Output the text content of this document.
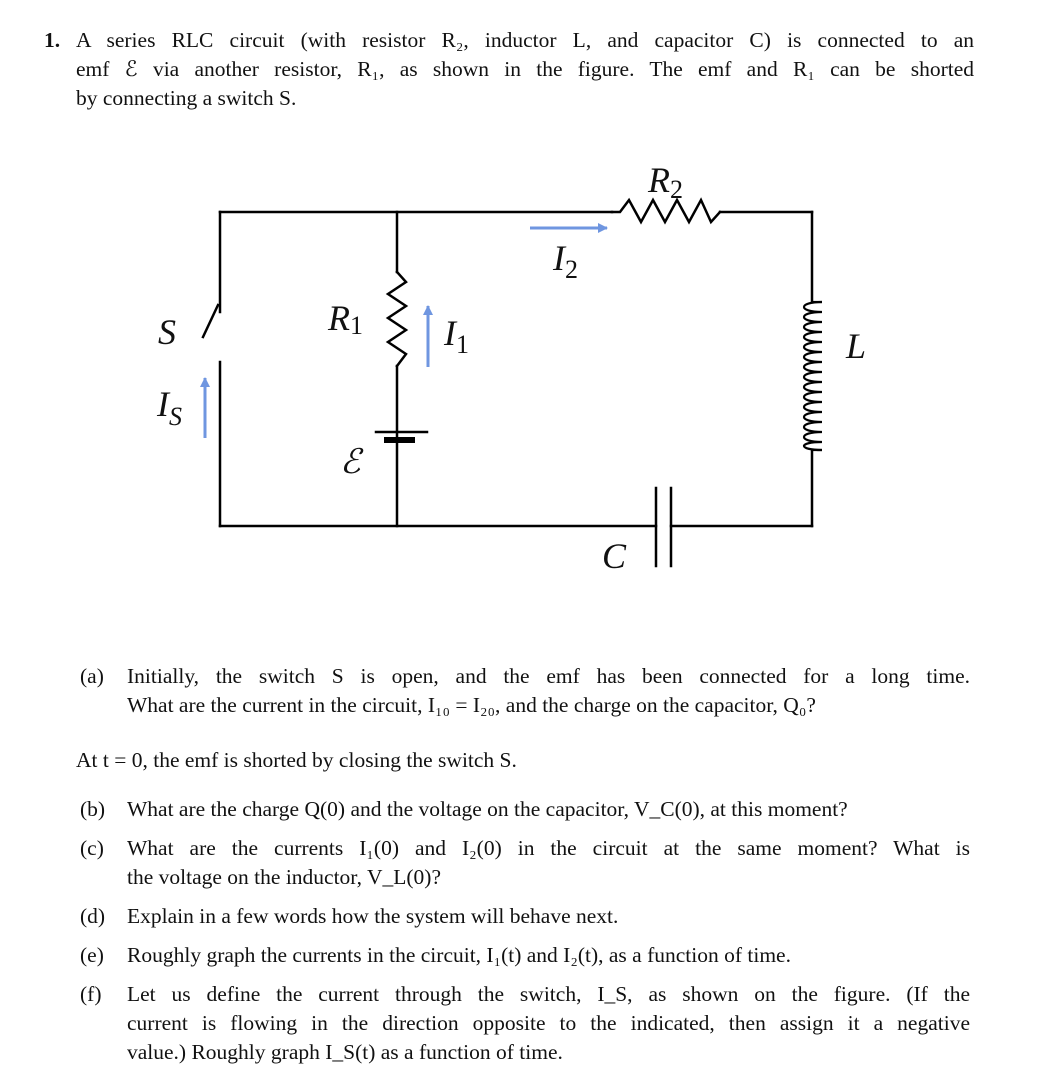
1. A series RLC circuit (with resistor R₂, inductor L, and capacitor C) is connected to an
emf ℰ via another resistor, R₁, as shown in the figure. The emf and R₁ can be shorted
by connecting a switch S.
R2
$I_2$
R1 $I_1$
S
$I_S$
ℰ
L
C
(a) Initially, the switch S is open, and the emf has been connected for a long time.
What are the current in the circuit, I₁₀ = I₂₀, and the charge on the capacitor, Q₀?
At t = 0, the emf is shorted by closing the switch S.
(b) What are the charge Q(0) and the voltage on the capacitor, V_C(0), at this moment?
(c) What are the currents I₁(0) and I₂(0) in the circuit at the same moment? What is
the voltage on the inductor, V_L(0)?
(d) Explain in a few words how the system will behave next.
(e) Roughly graph the currents in the circuit, I₁(t) and I₂(t), as a function of time.
(f) Let us define the current through the switch, I_S, as shown on the figure. (If the
current is flowing in the direction opposite to the indicated, then assign it a negative
value.) Roughly graph I_S(t) as a function of time.
